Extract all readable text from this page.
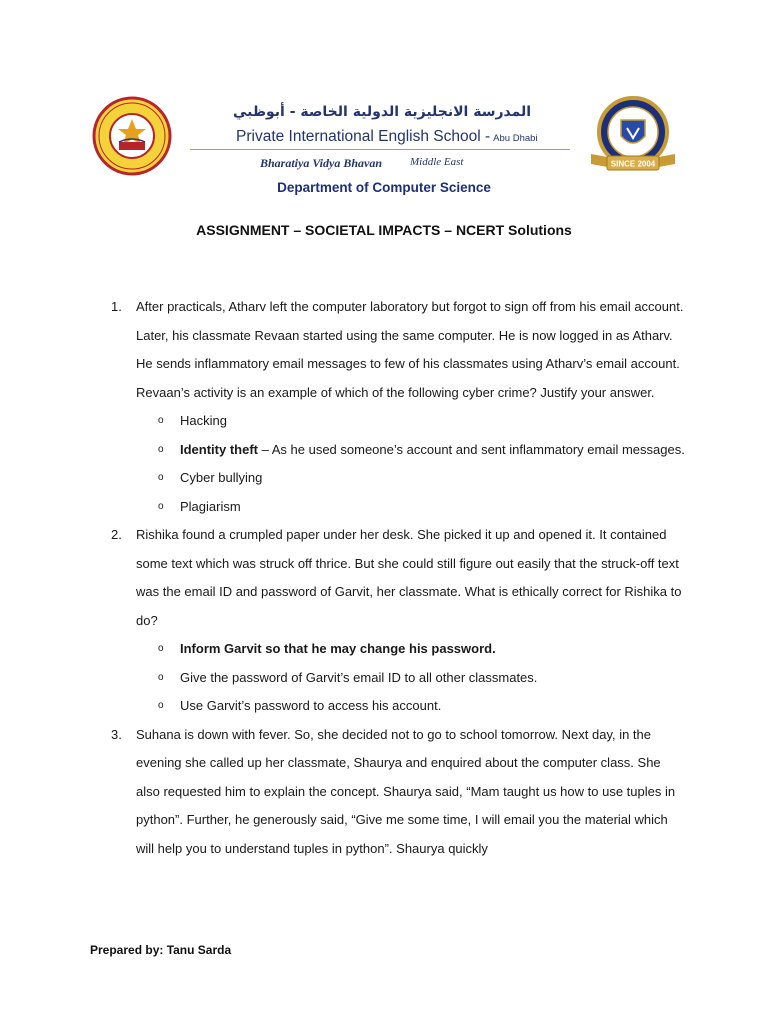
المدرسة الانجليزية الدولية الخاصة - أبوظبي
Private International English School - Abu Dhabi
Bharatiya Vidya Bhavan	Middle East	SINCE 2004
Department of Computer Science
ASSIGNMENT – SOCIETAL IMPACTS – NCERT Solutions
1. After practicals, Atharv left the computer laboratory but forgot to sign off from his email account. Later, his classmate Revaan started using the same computer. He is now logged in as Atharv. He sends inflammatory email messages to few of his classmates using Atharv’s email account. Revaan’s activity is an example of which of the following cyber crime? Justify your answer.
o Hacking
o Identity theft – As he used someone’s account and sent inflammatory email messages.
o Cyber bullying
o Plagiarism
2. Rishika found a crumpled paper under her desk. She picked it up and opened it. It contained some text which was struck off thrice. But she could still figure out easily that the struck-off text was the email ID and password of Garvit, her classmate. What is ethically correct for Rishika to do?
o Inform Garvit so that he may change his password.
o Give the password of Garvit’s email ID to all other classmates.
o Use Garvit’s password to access his account.
3. Suhana is down with fever. So, she decided not to go to school tomorrow. Next day, in the evening she called up her classmate, Shaurya and enquired about the computer class. She also requested him to explain the concept. Shaurya said, “Mam taught us how to use tuples in python”. Further, he generously said, “Give me some time, I will email you the material which will help you to understand tuples in python”. Shaurya quickly
Prepared by: Tanu Sarda
